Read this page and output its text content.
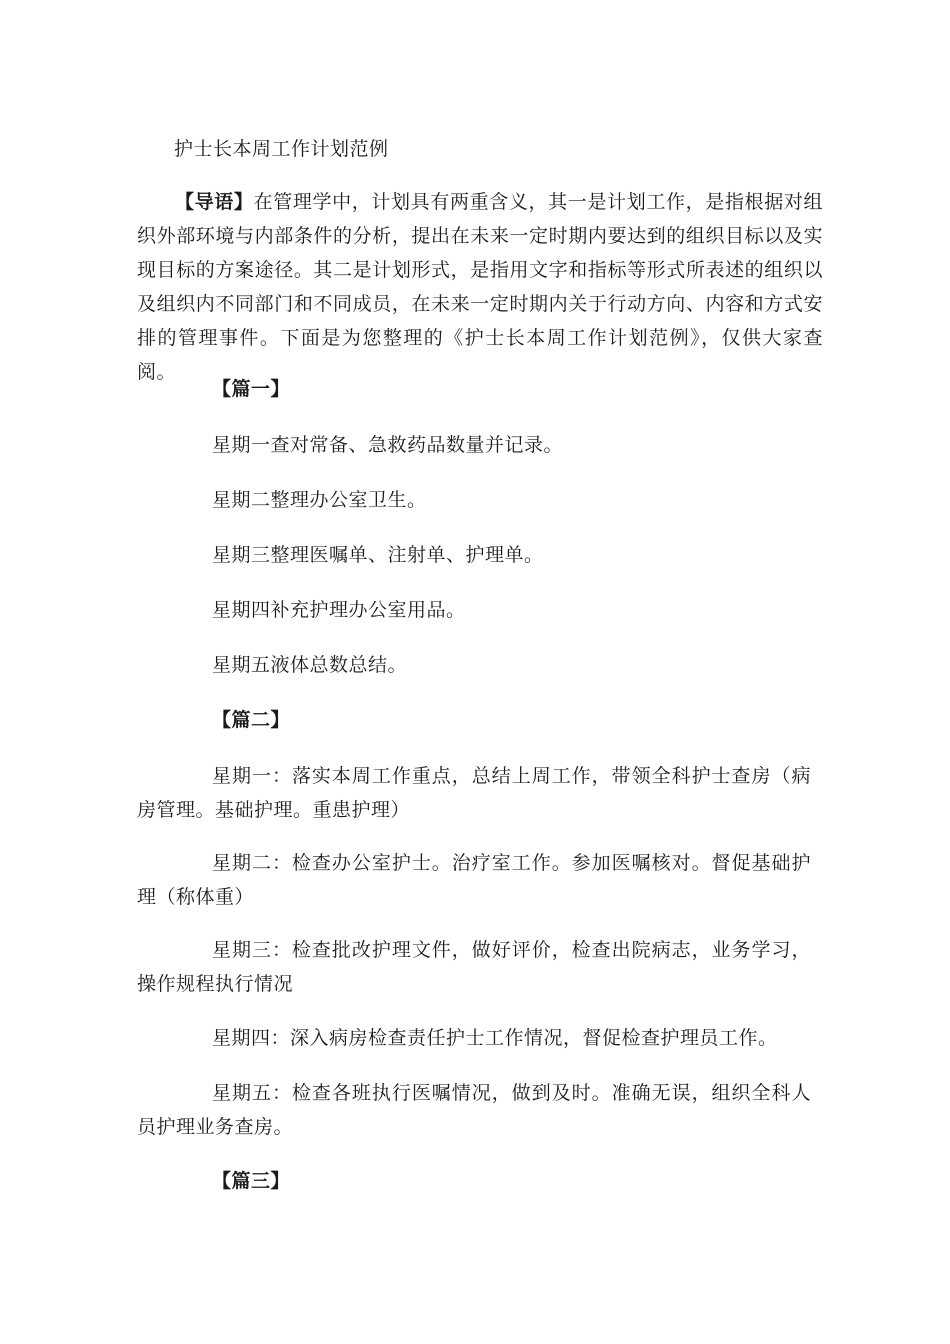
护士长本周工作计划范例
【导语】在管理学中，计划具有两重含义，其一是计划工作，是指根据对组织外部环境与内部条件的分析，提出在未来一定时期内要达到的组织目标以及实现目标的方案途径。其二是计划形式，是指用文字和指标等形式所表述的组织以及组织内不同部门和不同成员，在未来一定时期内关于行动方向、内容和方式安排的管理事件。下面是为您整理的《护士长本周工作计划范例》，仅供大家查阅。
【篇一】
星期一查对常备、急救药品数量并记录。
星期二整理办公室卫生。
星期三整理医嘱单、注射单、护理单。
星期四补充护理办公室用品。
星期五液体总数总结。
【篇二】
星期一：落实本周工作重点，总结上周工作，带领全科护士查房（病房管理。基础护理。重患护理）
星期二：检查办公室护士。治疗室工作。参加医嘱核对。督促基础护理（称体重）
星期三：检查批改护理文件，做好评价，检查出院病志，业务学习，操作规程执行情况
星期四：深入病房检查责任护士工作情况，督促检查护理员工作。
星期五：检查各班执行医嘱情况，做到及时。准确无误，组织全科人员护理业务查房。
【篇三】
